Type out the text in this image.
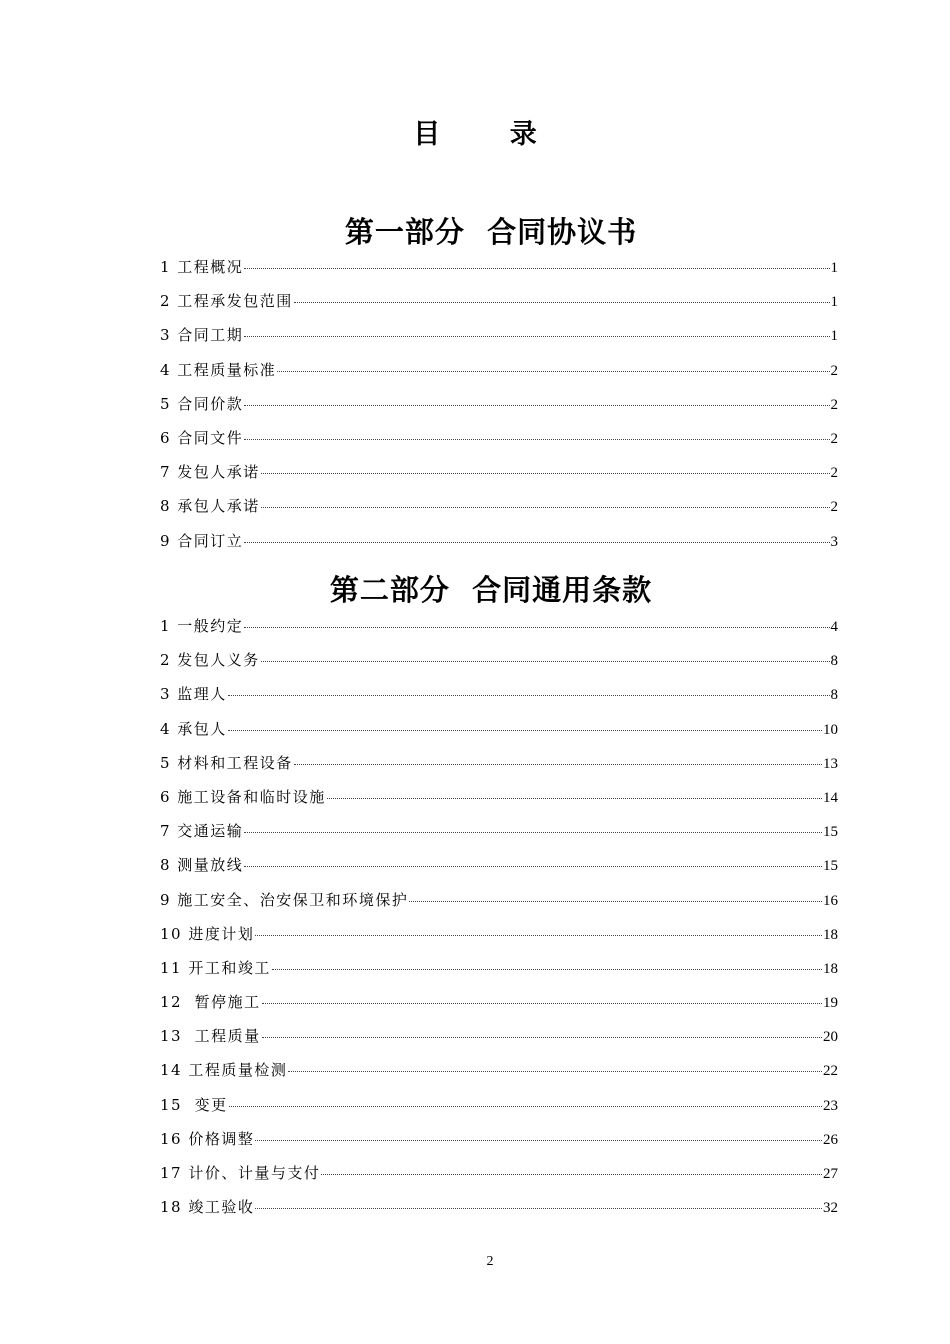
目 录
第一部分  合同协议书
1 工程概况	1
2 工程承发包范围	1
3 合同工期	1
4 工程质量标准	2
5 合同价款	2
6 合同文件	2
7 发包人承诺	2
8 承包人承诺	2
9 合同订立	3
第二部分  合同通用条款
1 一般约定	4
2 发包人义务	8
3 监理人	8
4 承包人	10
5 材料和工程设备	13
6 施工设备和临时设施	14
7 交通运输	15
8 测量放线	15
9 施工安全、治安保卫和环境保护	16
10 进度计划	18
11 开工和竣工	18
12  暂停施工	19
13  工程质量	20
14 工程质量检测	22
15  变更	23
16 价格调整	26
17 计价、计量与支付	27
18 竣工验收	32
2
